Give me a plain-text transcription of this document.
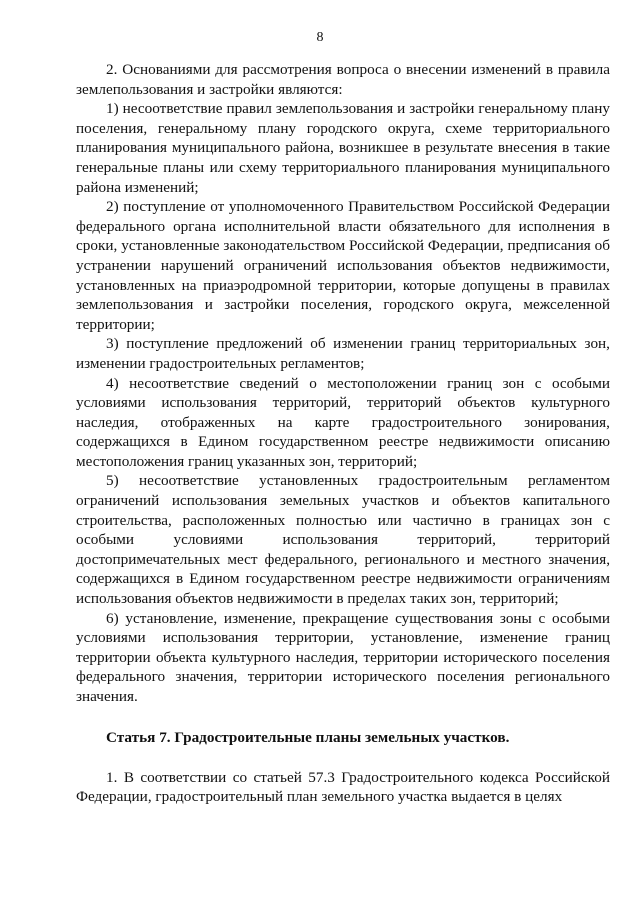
8

2. Основаниями для рассмотрения вопроса о внесении изменений в правила землепользования и застройки являются:

1) несоответствие правил землепользования и застройки генеральному плану поселения, генеральному плану городского округа, схеме территориального планирования муниципального района, возникшее в результате внесения в такие генеральные планы или схему территориального планирования муниципального района изменений;

2) поступление от уполномоченного Правительством Российской Федерации федерального органа исполнительной власти обязательного для исполнения в сроки, установленные законодательством Российской Федерации, предписания об устранении нарушений ограничений использования объектов недвижимости, установленных на приаэродромной территории, которые допущены в правилах землепользования и застройки поселения, городского округа, межселенной территории;

3) поступление предложений об изменении границ территориальных зон, изменении градостроительных регламентов;

4) несоответствие сведений о местоположении границ зон с особыми условиями использования территорий, территорий объектов культурного наследия, отображенных на карте градостроительного зонирования, содержащихся в Едином государственном реестре недвижимости описанию местоположения границ указанных зон, территорий;

5) несоответствие установленных градостроительным регламентом ограничений использования земельных участков и объектов капитального строительства, расположенных полностью или частично в границах зон с особыми условиями использования территорий, территорий достопримечательных мест федерального, регионального и местного значения, содержащихся в Едином государственном реестре недвижимости ограничениям использования объектов недвижимости в пределах таких зон, территорий;

6) установление, изменение, прекращение существования зоны с особыми условиями использования территории, установление, изменение границ территории объекта культурного наследия, территории исторического поселения федерального значения, территории исторического поселения регионального значения.

Статья 7. Градостроительные планы земельных участков.

1. В соответствии со статьей 57.3 Градостроительного кодекса Российской Федерации, градостроительный план земельного участка выдается в целях
